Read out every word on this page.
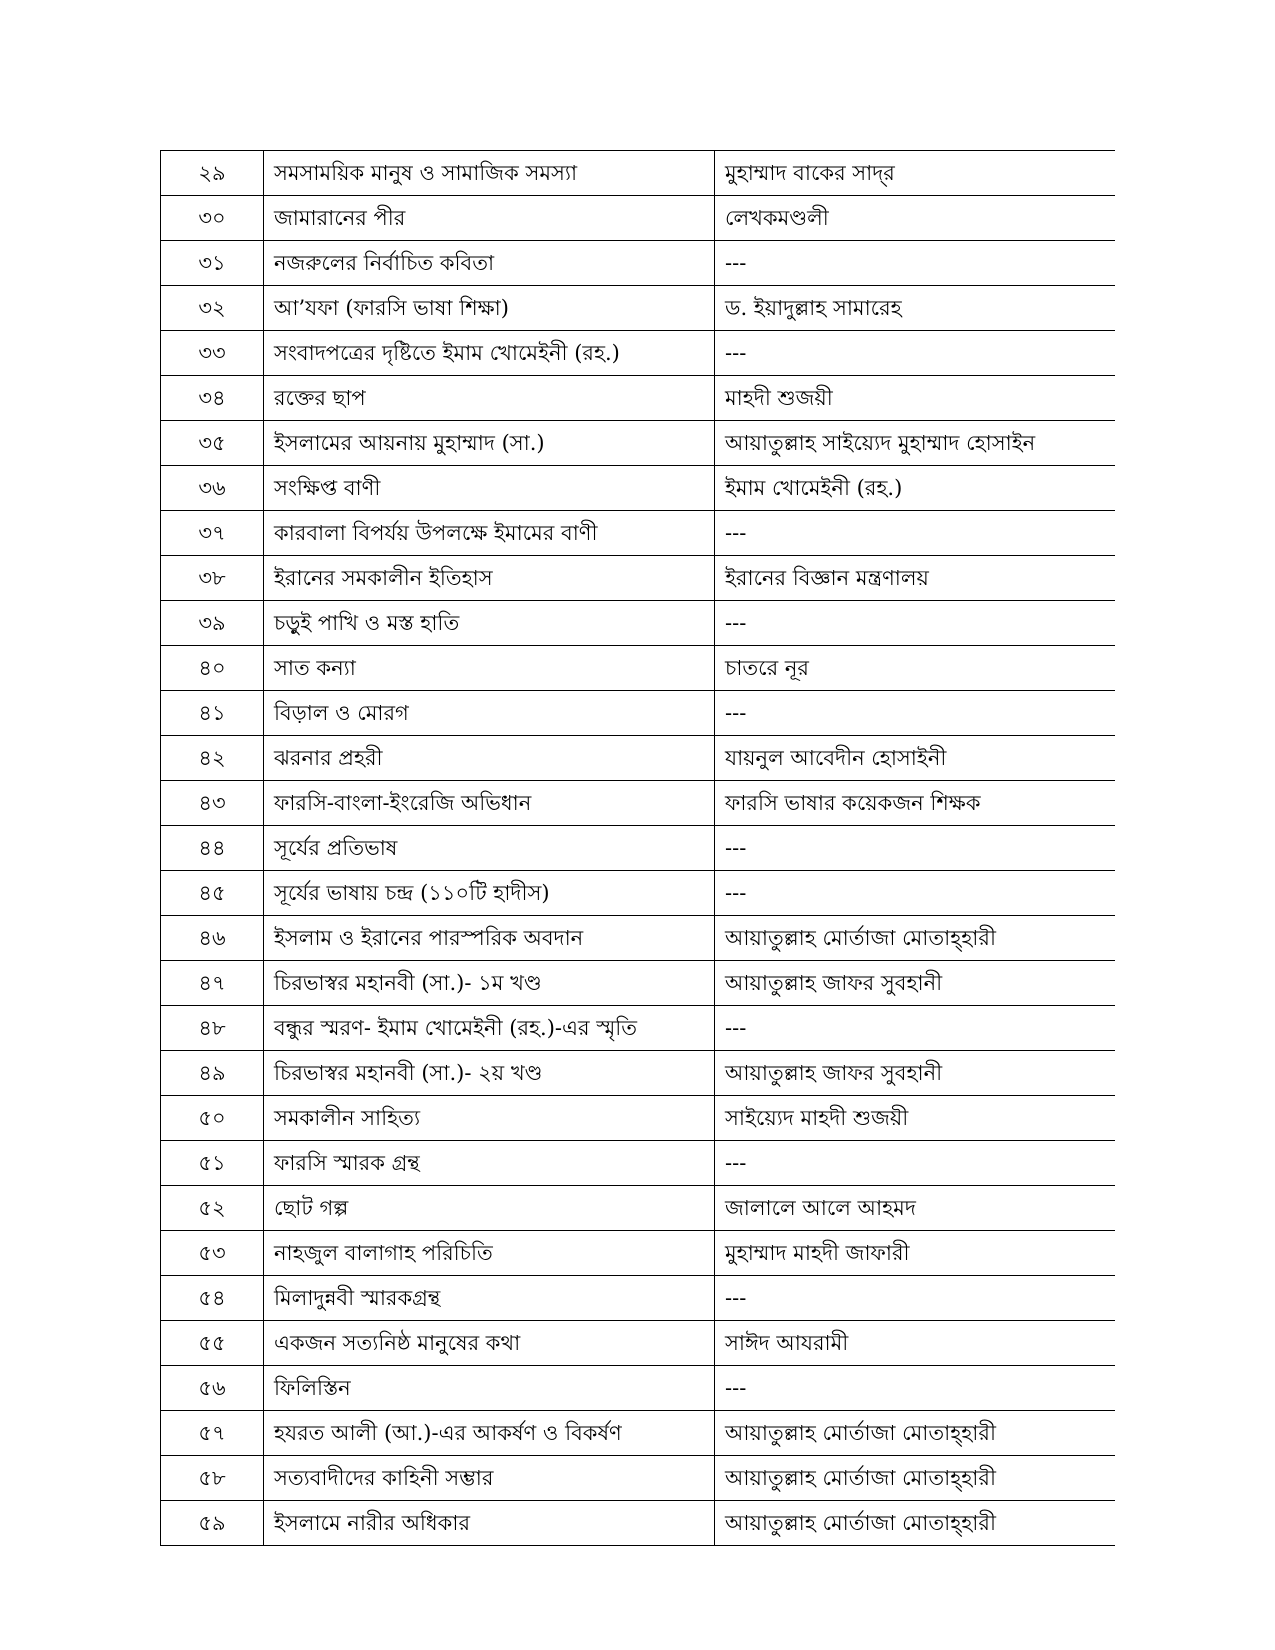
২৯	সমসাময়িক মানুষ ও সামাজিক সমস্যা	মুহাম্মাদ বাকের সাদ্‌র
৩০	জামারানের পীর	লেখকমণ্ডলী
৩১	নজরুলের নির্বাচিত কবিতা	---
৩২	আ’যফা (ফারসি ভাষা শিক্ষা)	ড. ইয়াদুল্লাহ সামারেহ
৩৩	সংবাদপত্রের দৃষ্টিতে ইমাম খোমেইনী (রহ.)	---
৩৪	রক্তের ছাপ	মাহদী শুজয়ী
৩৫	ইসলামের আয়নায় মুহাম্মাদ (সা.)	আয়াতুল্লাহ সাইয়্যেদ মুহাম্মাদ হোসাইন
৩৬	সংক্ষিপ্ত বাণী	ইমাম খোমেইনী (রহ.)
৩৭	কারবালা বিপর্যয় উপলক্ষে ইমামের বাণী	---
৩৮	ইরানের সমকালীন ইতিহাস	ইরানের বিজ্ঞান মন্ত্রণালয়
৩৯	চড়ুই পাখি ও মস্ত হাতি	---
৪০	সাত কন্যা	চাতরে নূর
৪১	বিড়াল ও মোরগ	---
৪২	ঝরনার প্রহরী	যায়নুল আবেদীন হোসাইনী
৪৩	ফারসি-বাংলা-ইংরেজি অভিধান	ফারসি ভাষার কয়েকজন শিক্ষক
৪৪	সূর্যের প্রতিভাষ	---
৪৫	সূর্যের ভাষায় চন্দ্র (১১০টি হাদীস)	---
৪৬	ইসলাম ও ইরানের পারস্পরিক অবদান	আয়াতুল্লাহ মোর্তাজা মোতাহ্‌হারী
৪৭	চিরভাস্বর মহানবী (সা.)- ১ম খণ্ড	আয়াতুল্লাহ জাফর সুবহানী
৪৮	বন্ধুর স্মরণ- ইমাম খোমেইনী (রহ.)-এর স্মৃতি	---
৪৯	চিরভাস্বর মহানবী (সা.)- ২য় খণ্ড	আয়াতুল্লাহ জাফর সুবহানী
৫০	সমকালীন সাহিত্য	সাইয়্যেদ মাহদী শুজয়ী
৫১	ফারসি স্মারক গ্রন্থ	---
৫২	ছোট গল্প	জালালে আলে আহমদ
৫৩	নাহজুল বালাগাহ পরিচিতি	মুহাম্মাদ মাহদী জাফারী
৫৪	মিলাদুন্নবী স্মারকগ্রন্থ	---
৫৫	একজন সত্যনিষ্ঠ মানুষের কথা	সাঈদ আযরামী
৫৬	ফিলিস্তিন	---
৫৭	হযরত আলী (আ.)-এর আকর্ষণ ও বিকর্ষণ	আয়াতুল্লাহ মোর্তাজা মোতাহ্‌হারী
৫৮	সত্যবাদীদের কাহিনী সম্ভার	আয়াতুল্লাহ মোর্তাজা মোতাহ্‌হারী
৫৯	ইসলামে নারীর অধিকার	আয়াতুল্লাহ মোর্তাজা মোতাহ্‌হারী
